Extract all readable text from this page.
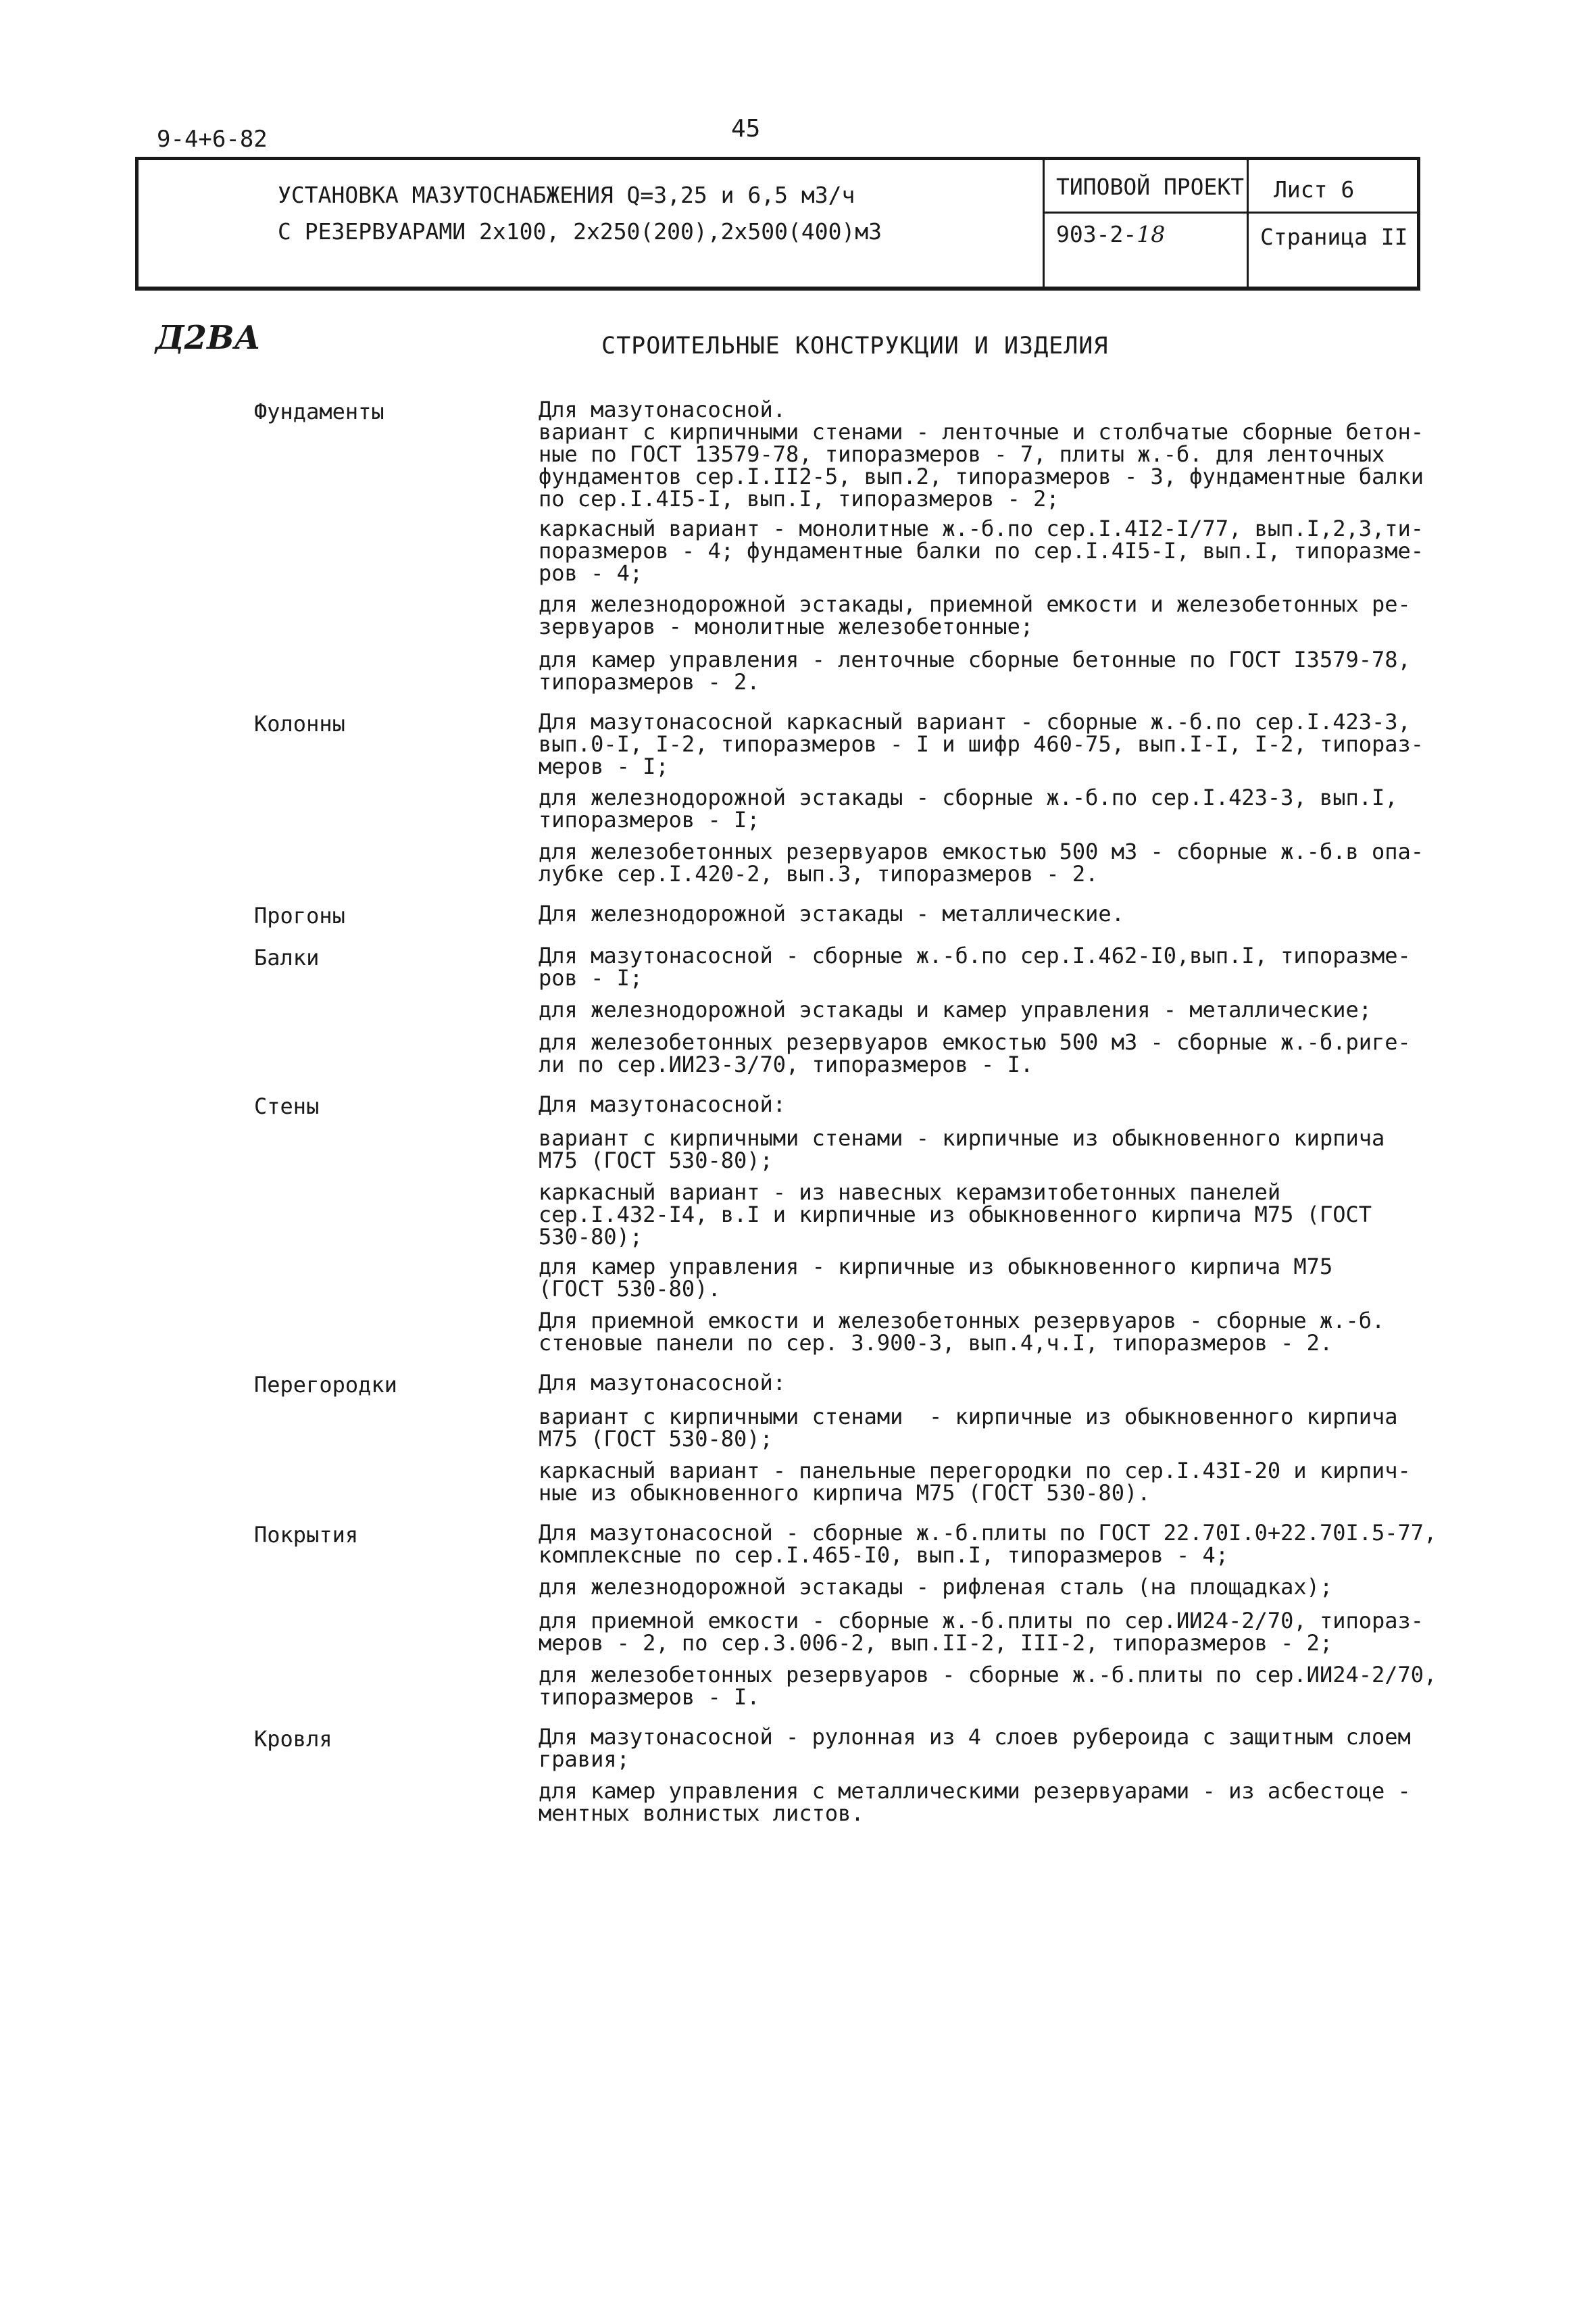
9-4+6-82	45
УСТАНОВКА МАЗУТОСНАБЖЕНИЯ Q=3,25 и 6,5 м3/ч
С РЕЗЕРВУАРАМИ 2х100, 2х250(200),2х500(400)м3
ТИПОВОЙ ПРОЕКТ
903-2-18
Лист 6
Страница II
Д2ВА	СТРОИТЕЛЬНЫЕ КОНСТРУКЦИИ И ИЗДЕЛИЯ
Фундаменты	Для мазутонасосной.
вариант с кирпичными стенами - ленточные и столбчатые сборные бетон-
ные по ГОСТ 13579-78, типоразмеров - 7, плиты ж.-б. для ленточных
фундаментов сер.I.II2-5, вып.2, типоразмеров - 3, фундаментные балки
по сер.I.4I5-I, вып.I, типоразмеров - 2;
каркасный вариант - монолитные ж.-б.по сер.I.4I2-I/77, вып.I,2,3,ти-
поразмеров - 4; фундаментные балки по сер.I.4I5-I, вып.I, типоразме-
ров - 4;
для железнодорожной эстакады, приемной емкости и железобетонных ре-
зервуаров - монолитные железобетонные;
для камер управления - ленточные сборные бетонные по ГОСТ I3579-78,
типоразмеров - 2.
Колонны	Для мазутонасосной каркасный вариант - сборные ж.-б.по сер.I.423-3,
вып.0-I, I-2, типоразмеров - I и шифр 460-75, вып.I-I, I-2, типораз-
меров - I;
для железнодорожной эстакады - сборные ж.-б.по сер.I.423-3, вып.I,
типоразмеров - I;
для железобетонных резервуаров емкостью 500 м3 - сборные ж.-б.в опа-
лубке сер.I.420-2, вып.3, типоразмеров - 2.
Прогоны	Для железнодорожной эстакады - металлические.
Балки	Для мазутонасосной - сборные ж.-б.по сер.I.462-I0,вып.I, типоразме-
ров - I;
для железнодорожной эстакады и камер управления - металлические;
для железобетонных резервуаров емкостью 500 м3 - сборные ж.-б.риге-
ли по сер.ИИ23-3/70, типоразмеров - I.
Стены	Для мазутонасосной:
вариант с кирпичными стенами - кирпичные из обыкновенного кирпича
М75 (ГОСТ 530-80);
каркасный вариант - из навесных керамзитобетонных панелей
сер.I.432-I4, в.I и кирпичные из обыкновенного кирпича М75 (ГОСТ
530-80);
для камер управления - кирпичные из обыкновенного кирпича М75
(ГОСТ 530-80).
Для приемной емкости и железобетонных резервуаров - сборные ж.-б.
стеновые панели по сер. 3.900-3, вып.4,ч.I, типоразмеров - 2.
Перегородки	Для мазутонасосной:
вариант с кирпичными стенами  - кирпичные из обыкновенного кирпича
М75 (ГОСТ 530-80);
каркасный вариант - панельные перегородки по сер.I.43I-20 и кирпич-
ные из обыкновенного кирпича М75 (ГОСТ 530-80).
Покрытия	Для мазутонасосной - сборные ж.-б.плиты по ГОСТ 22.70I.0+22.70I.5-77,
комплексные по сер.I.465-I0, вып.I, типоразмеров - 4;
для железнодорожной эстакады - рифленая сталь (на площадках);
для приемной емкости - сборные ж.-б.плиты по сер.ИИ24-2/70, типораз-
меров - 2, по сер.3.006-2, вып.II-2, III-2, типоразмеров - 2;
для железобетонных резервуаров - сборные ж.-б.плиты по сер.ИИ24-2/70,
типоразмеров - I.
Кровля	Для мазутонасосной - рулонная из 4 слоев рубероида с защитным слоем
гравия;
для камер управления с металлическими резервуарами - из асбестоце -
ментных волнистых листов.
